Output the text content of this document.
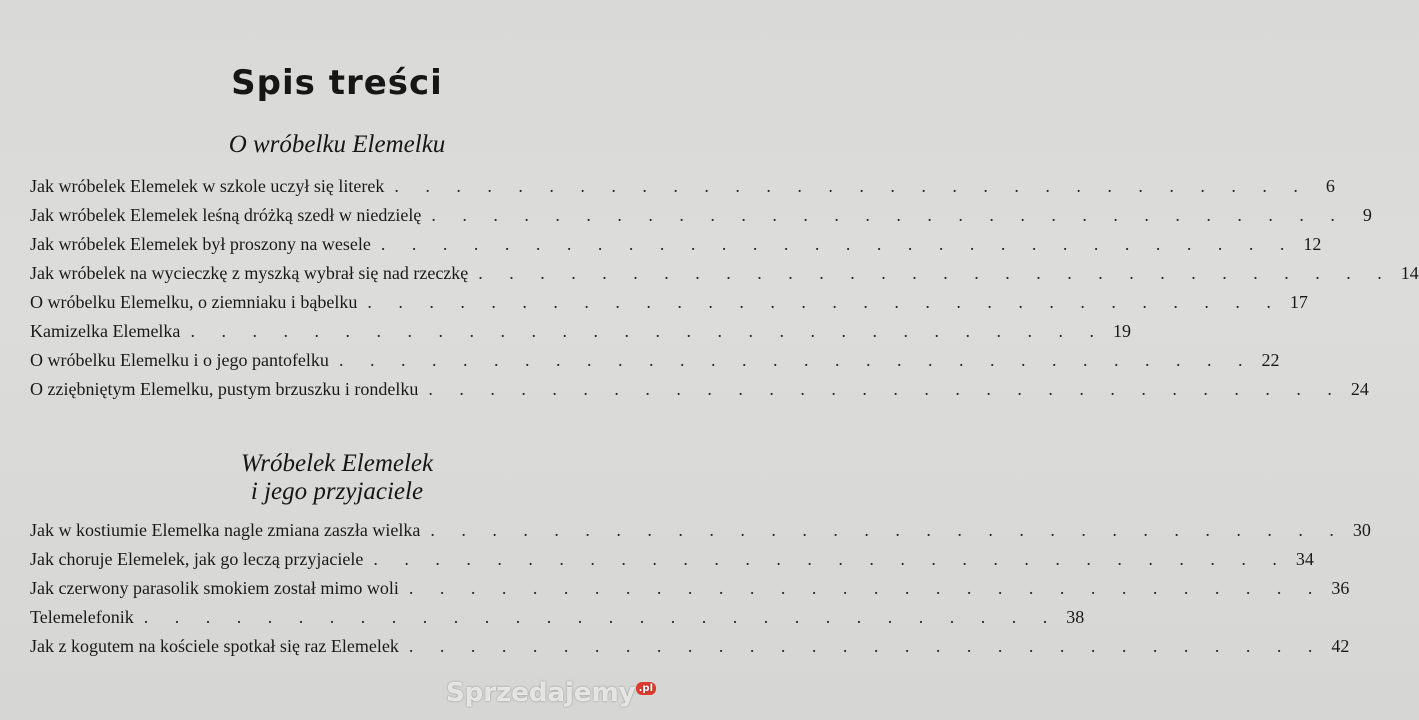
Spis treści
O wróbelku Elemelku
Jak wróbelek Elemelek w szkole uczył się literek . . . . . . . . . . . . . . . . . . . . . . . . . . . . . . 6
Jak wróbelek Elemelek leśną dróżką szedł w niedzielę . . . . . . . . . . . . . . . . . . . . . . . . . . . . . . 9
Jak wróbelek Elemelek był proszony na wesele . . . . . . . . . . . . . . . . . . . . . . . . . . . . . . 12
Jak wróbelek na wycieczkę z myszką wybrał się nad rzeczkę . . . . . . . . . . . . . . . . . . . . . . . . . . . . . . 14
O wróbelku Elemelku, o ziemniaku i bąbelku . . . . . . . . . . . . . . . . . . . . . . . . . . . . . . 17
Kamizelka Elemelka . . . . . . . . . . . . . . . . . . . . . . . . . . . . . . 19
O wróbelku Elemelku i o jego pantofelku . . . . . . . . . . . . . . . . . . . . . . . . . . . . . . 22
O zziębniętym Elemelku, pustym brzuszku i rondelku . . . . . . . . . . . . . . . . . . . . . . . . . . . . . . 24
Wróbelek Elemelek
i jego przyjaciele
Jak w kostiumie Elemelka nagle zmiana zaszła wielka . . . . . . . . . . . . . . . . . . . . . . . . . . . . . . 30
Jak choruje Elemelek, jak go leczą przyjaciele . . . . . . . . . . . . . . . . . . . . . . . . . . . . . . 34
Jak czerwony parasolik smokiem został mimo woli . . . . . . . . . . . . . . . . . . . . . . . . . . . . . . 36
Telemelefonik . . . . . . . . . . . . . . . . . . . . . . . . . . . . . . 38
Jak z kogutem na kościele spotkał się raz Elemelek . . . . . . . . . . . . . . . . . . . . . . . . . . . . . . 42
Sprzedajemy $^{.pl}$
